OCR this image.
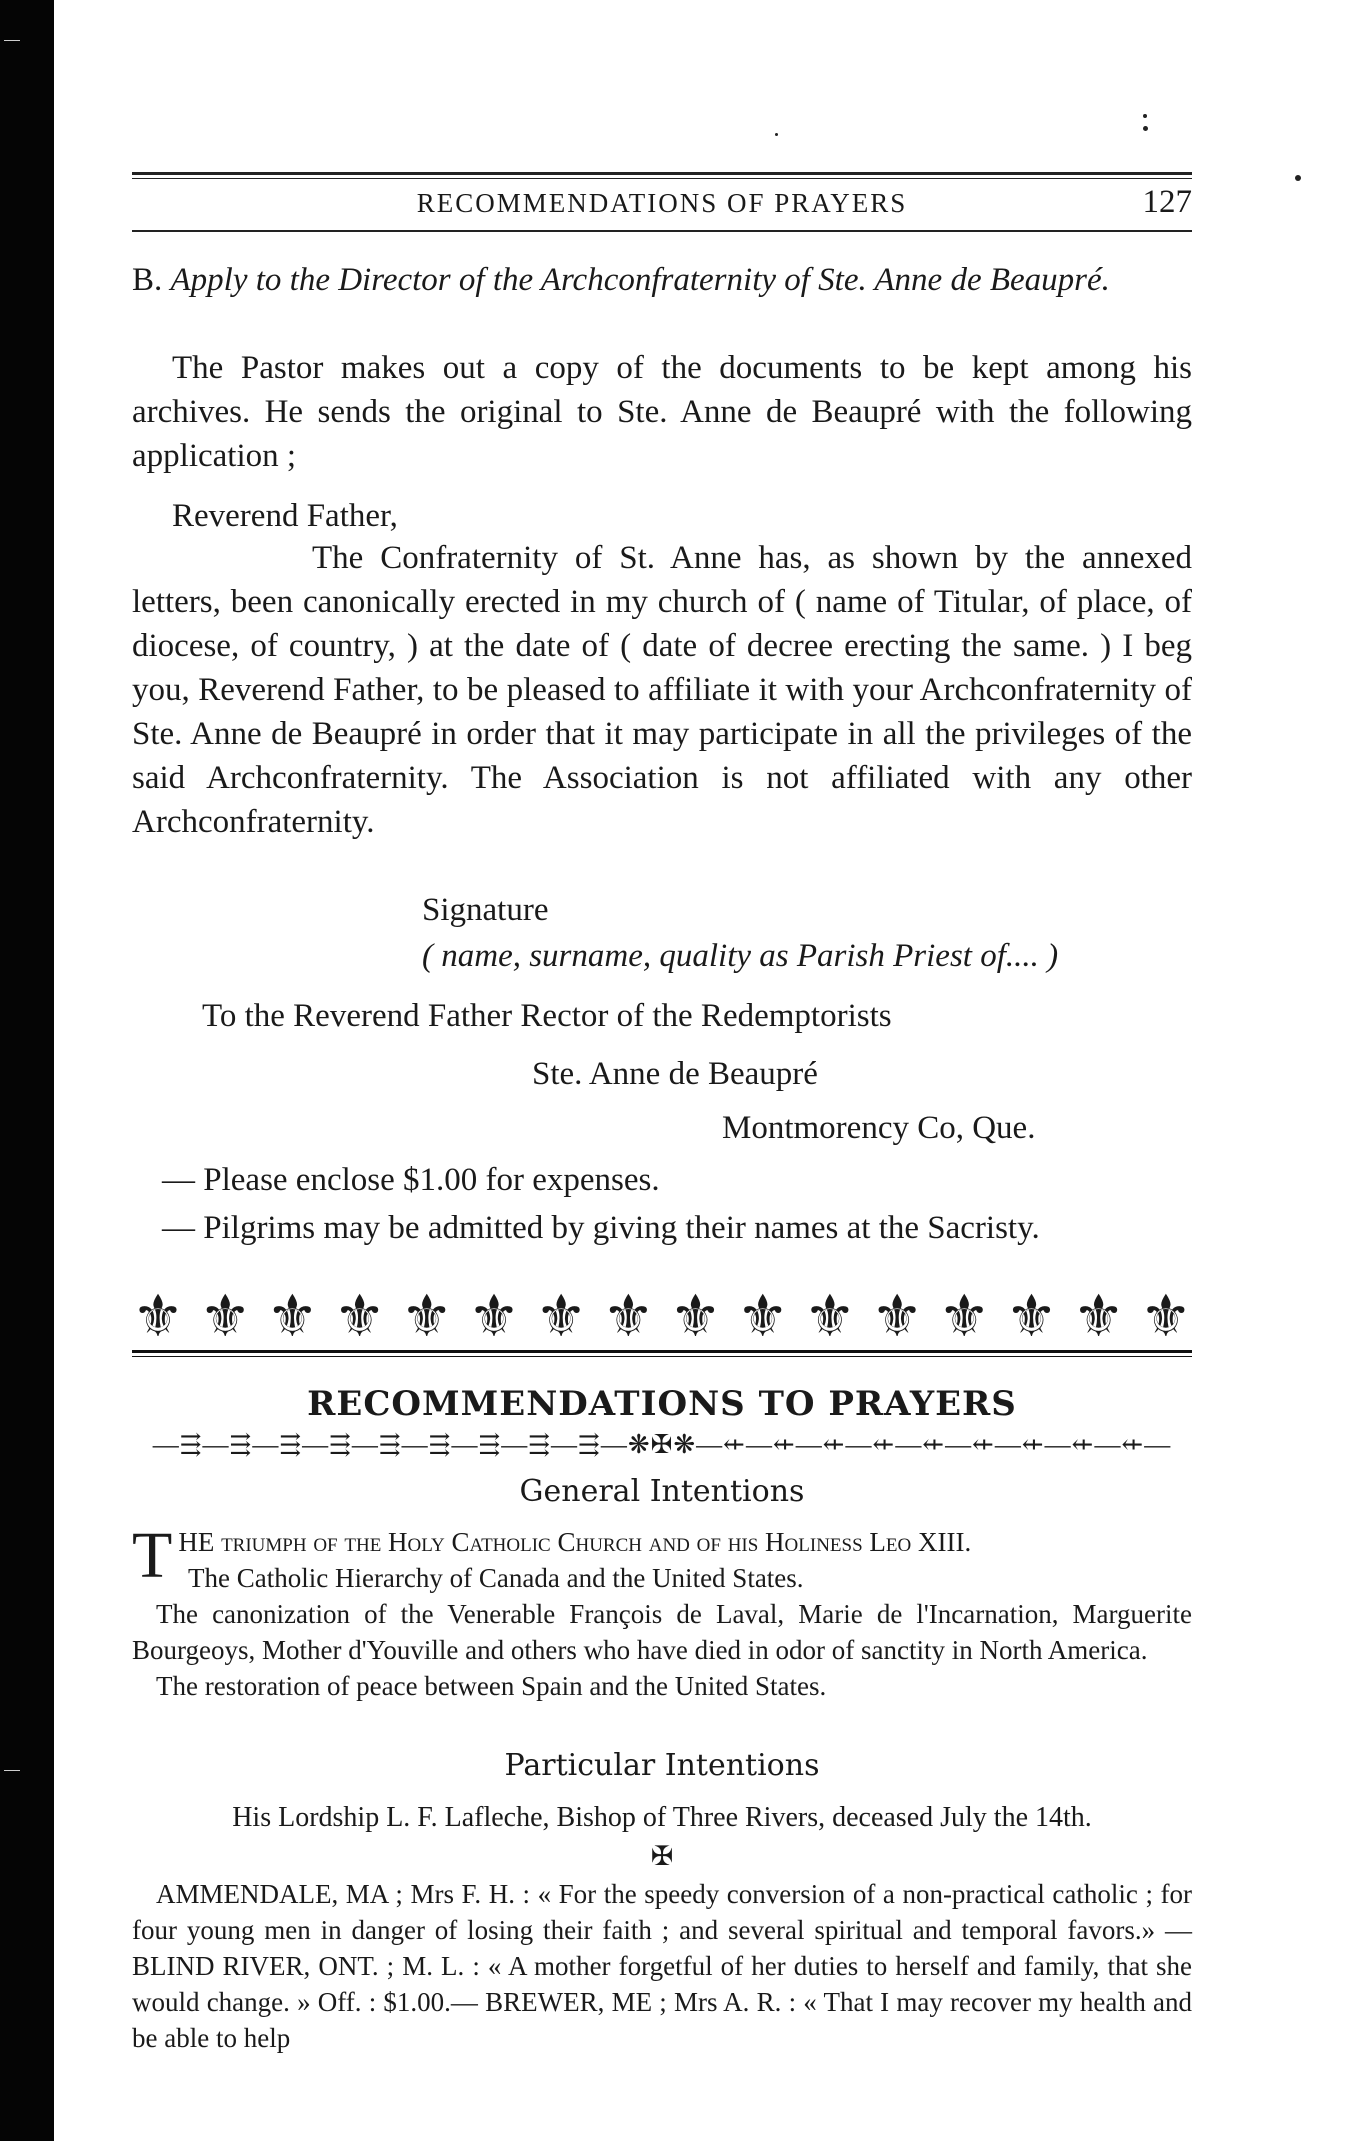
RECOMMENDATIONS OF PRAYERS	127
B. Apply to the Director of the Archconfraternity of Ste. Anne de Beaupré.
The Pastor makes out a copy of the documents to be kept among his archives. He sends the original to Ste. Anne de Beaupré with the following application ;
Reverend Father,
The Confraternity of St. Anne has, as shown by the annexed letters, been canonically erected in my church of ( name of Titular, of place, of diocese, of country, ) at the date of ( date of decree erecting the same. ) I beg you, Reverend Father, to be pleased to affiliate it with your Archconfraternity of Ste. Anne de Beaupré in order that it may participate in all the privileges of the said Archconfraternity. The Association is not affiliated with any other Archconfraternity.
Signature
( name, surname, quality as Parish Priest of.... )
To the Reverend Father Rector of the Redemptorists
Ste. Anne de Beaupré
Montmorency Co, Que.
— Please enclose $1.00 for expenses.
— Pilgrims may be admitted by giving their names at the Sacristy.
⚜ ⚜ ⚜ ⚜ ⚜ ⚜ ⚜ ⚜ ⚜ ⚜ ⚜ ⚜ ⚜ ⚜ ⚜ ⚜
RECOMMENDATIONS TO PRAYERS
—⇶—⇶—⇶—⇶—⇶—⇶—⇶—⇶—⇶—❋✠❋—⇷—⇷—⇷—⇷—⇷—⇷—⇷—⇷—⇷—
General Intentions
T HE triumph of the Holy Catholic Church and of his Holiness Leo XIII.
The Catholic Hierarchy of Canada and the United States.
The canonization of the Venerable François de Laval, Marie de l'Incarnation, Marguerite Bourgeoys, Mother d'Youville and others who have died in odor of sanctity in North America.
The restoration of peace between Spain and the United States.
Particular Intentions
His Lordship L. F. Lafleche, Bishop of Three Rivers, deceased July the 14th.
✠
AMMENDALE, MA ; Mrs F. H. : « For the speedy conversion of a non-practical catholic ; for four young men in danger of losing their faith ; and several spiritual and temporal favors.» — BLIND RIVER, ONT. ; M. L. : « A mother forgetful of her duties to herself and family, that she would change. » Off. : $1.00.— BREWER, ME ; Mrs A. R. : « That I may recover my health and be able to help
